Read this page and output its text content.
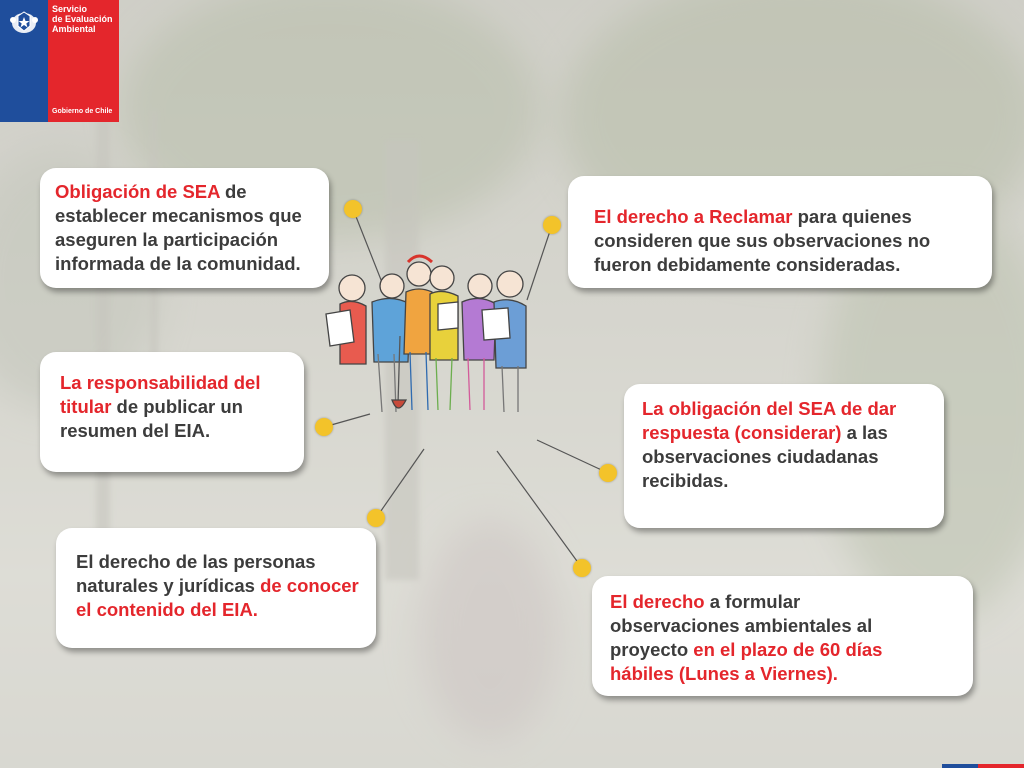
Servicio
de Evaluación
Ambiental
Gobierno de Chile

Obligación de SEA de establecer mecanismos que aseguren la participación informada de la comunidad.

El derecho a Reclamar para quienes consideren que sus observaciones no fueron debidamente consideradas.

La responsabilidad del titular de publicar un resumen del EIA.

La obligación del SEA de dar respuesta (considerar) a las observaciones ciudadanas recibidas.

El derecho de las personas naturales y jurídicas de conocer el contenido del EIA.	El derecho a formular observaciones ambientales al proyecto en el plazo de 60 días hábiles (Lunes a Viernes).
